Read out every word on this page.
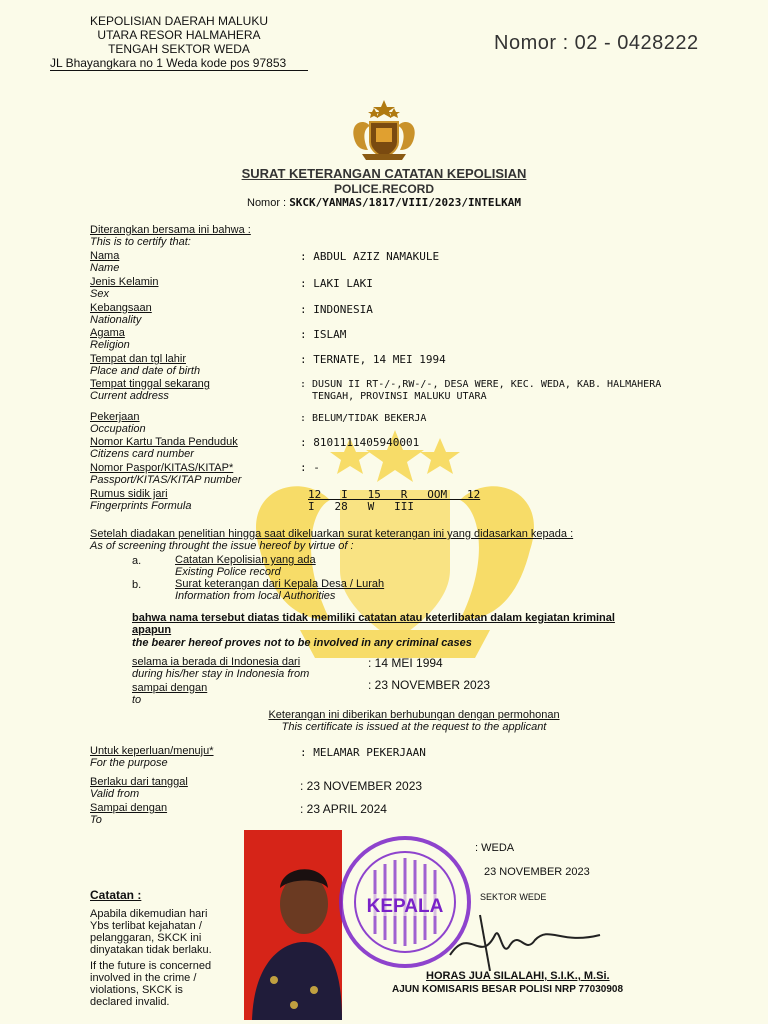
KEPOLISIAN DAERAH MALUKU
UTARA RESOR HALMAHERA
TENGAH SEKTOR WEDA
JL Bhayangkara no 1 Weda kode pos 97853
Nomor : 02 - 0428222
SURAT KETERANGAN CATATAN KEPOLISIAN
POLICE.RECORD
Nomor : SKCK/YANMAS/1817/VIII/2023/INTELKAM
Diterangkan bersama ini bahwa :
This is to certify that:
Nama
Name
: ABDUL AZIZ NAMAKULE
Jenis Kelamin
Sex
: LAKI LAKI
Kebangsaan
Nationality
: INDONESIA
Agama
Religion
: ISLAM
Tempat dan tgl lahir
Place and date of birth
: TERNATE, 14 MEI 1994
Tempat tinggal sekarang
Current address
: DUSUN II RT-/-,RW-/-, DESA WERE, KEC. WEDA, KAB. HALMAHERA
TENGAH, PROVINSI MALUKU UTARA
Pekerjaan
Occupation
: BELUM/TIDAK BEKERJA
Nomor Kartu Tanda Penduduk
Citizens card number
: 8101111405940001
Nomor Paspor/KITAS/KITAP*
Passport/KITAS/KITAP number
: -
Rumus sidik jari
Fingerprints Formula
12   I   15   R   OOM   12
I   28   W   III
Setelah diadakan penelitian hingga saat dikeluarkan surat keterangan ini yang didasarkan kepada :
As of screening throught the issue hereof by virtue of :
a.	Catatan Kepolisian yang ada
Existing Police record
b.	Surat keterangan dari Kepala Desa / Lurah
Information from local Authorities
bahwa nama tersebut diatas tidak memiliki catatan atau keterlibatan dalam kegiatan kriminal
apapun
the bearer hereof proves not to be involved in any criminal cases
selama ia berada di Indonesia dari
during his/her stay in Indonesia from
: 14 MEI 1994
sampai dengan
to
: 23 NOVEMBER 2023
Keterangan ini diberikan berhubungan dengan permohonan
This certificate is issued at the request to the applicant
Untuk keperluan/menuju*
For the purpose
: MELAMAR PEKERJAAN
Berlaku dari tanggal
Valid from
: 23 NOVEMBER 2023
Sampai dengan
To
: 23 APRIL 2024
: WEDA
23 NOVEMBER 2023
SEKTOR WEDE
KEPALA
HORAS JUA SILALAHI, S.I.K., M.Si.
AJUN KOMISARIS BESAR POLISI NRP 77030908
Catatan :
Apabila dikemudian hari
Ybs terlibat kejahatan /
pelanggaran, SKCK ini
dinyatakan tidak berlaku.
If the future is concerned
involved in the crime /
violations, SKCK is
declared invalid.
